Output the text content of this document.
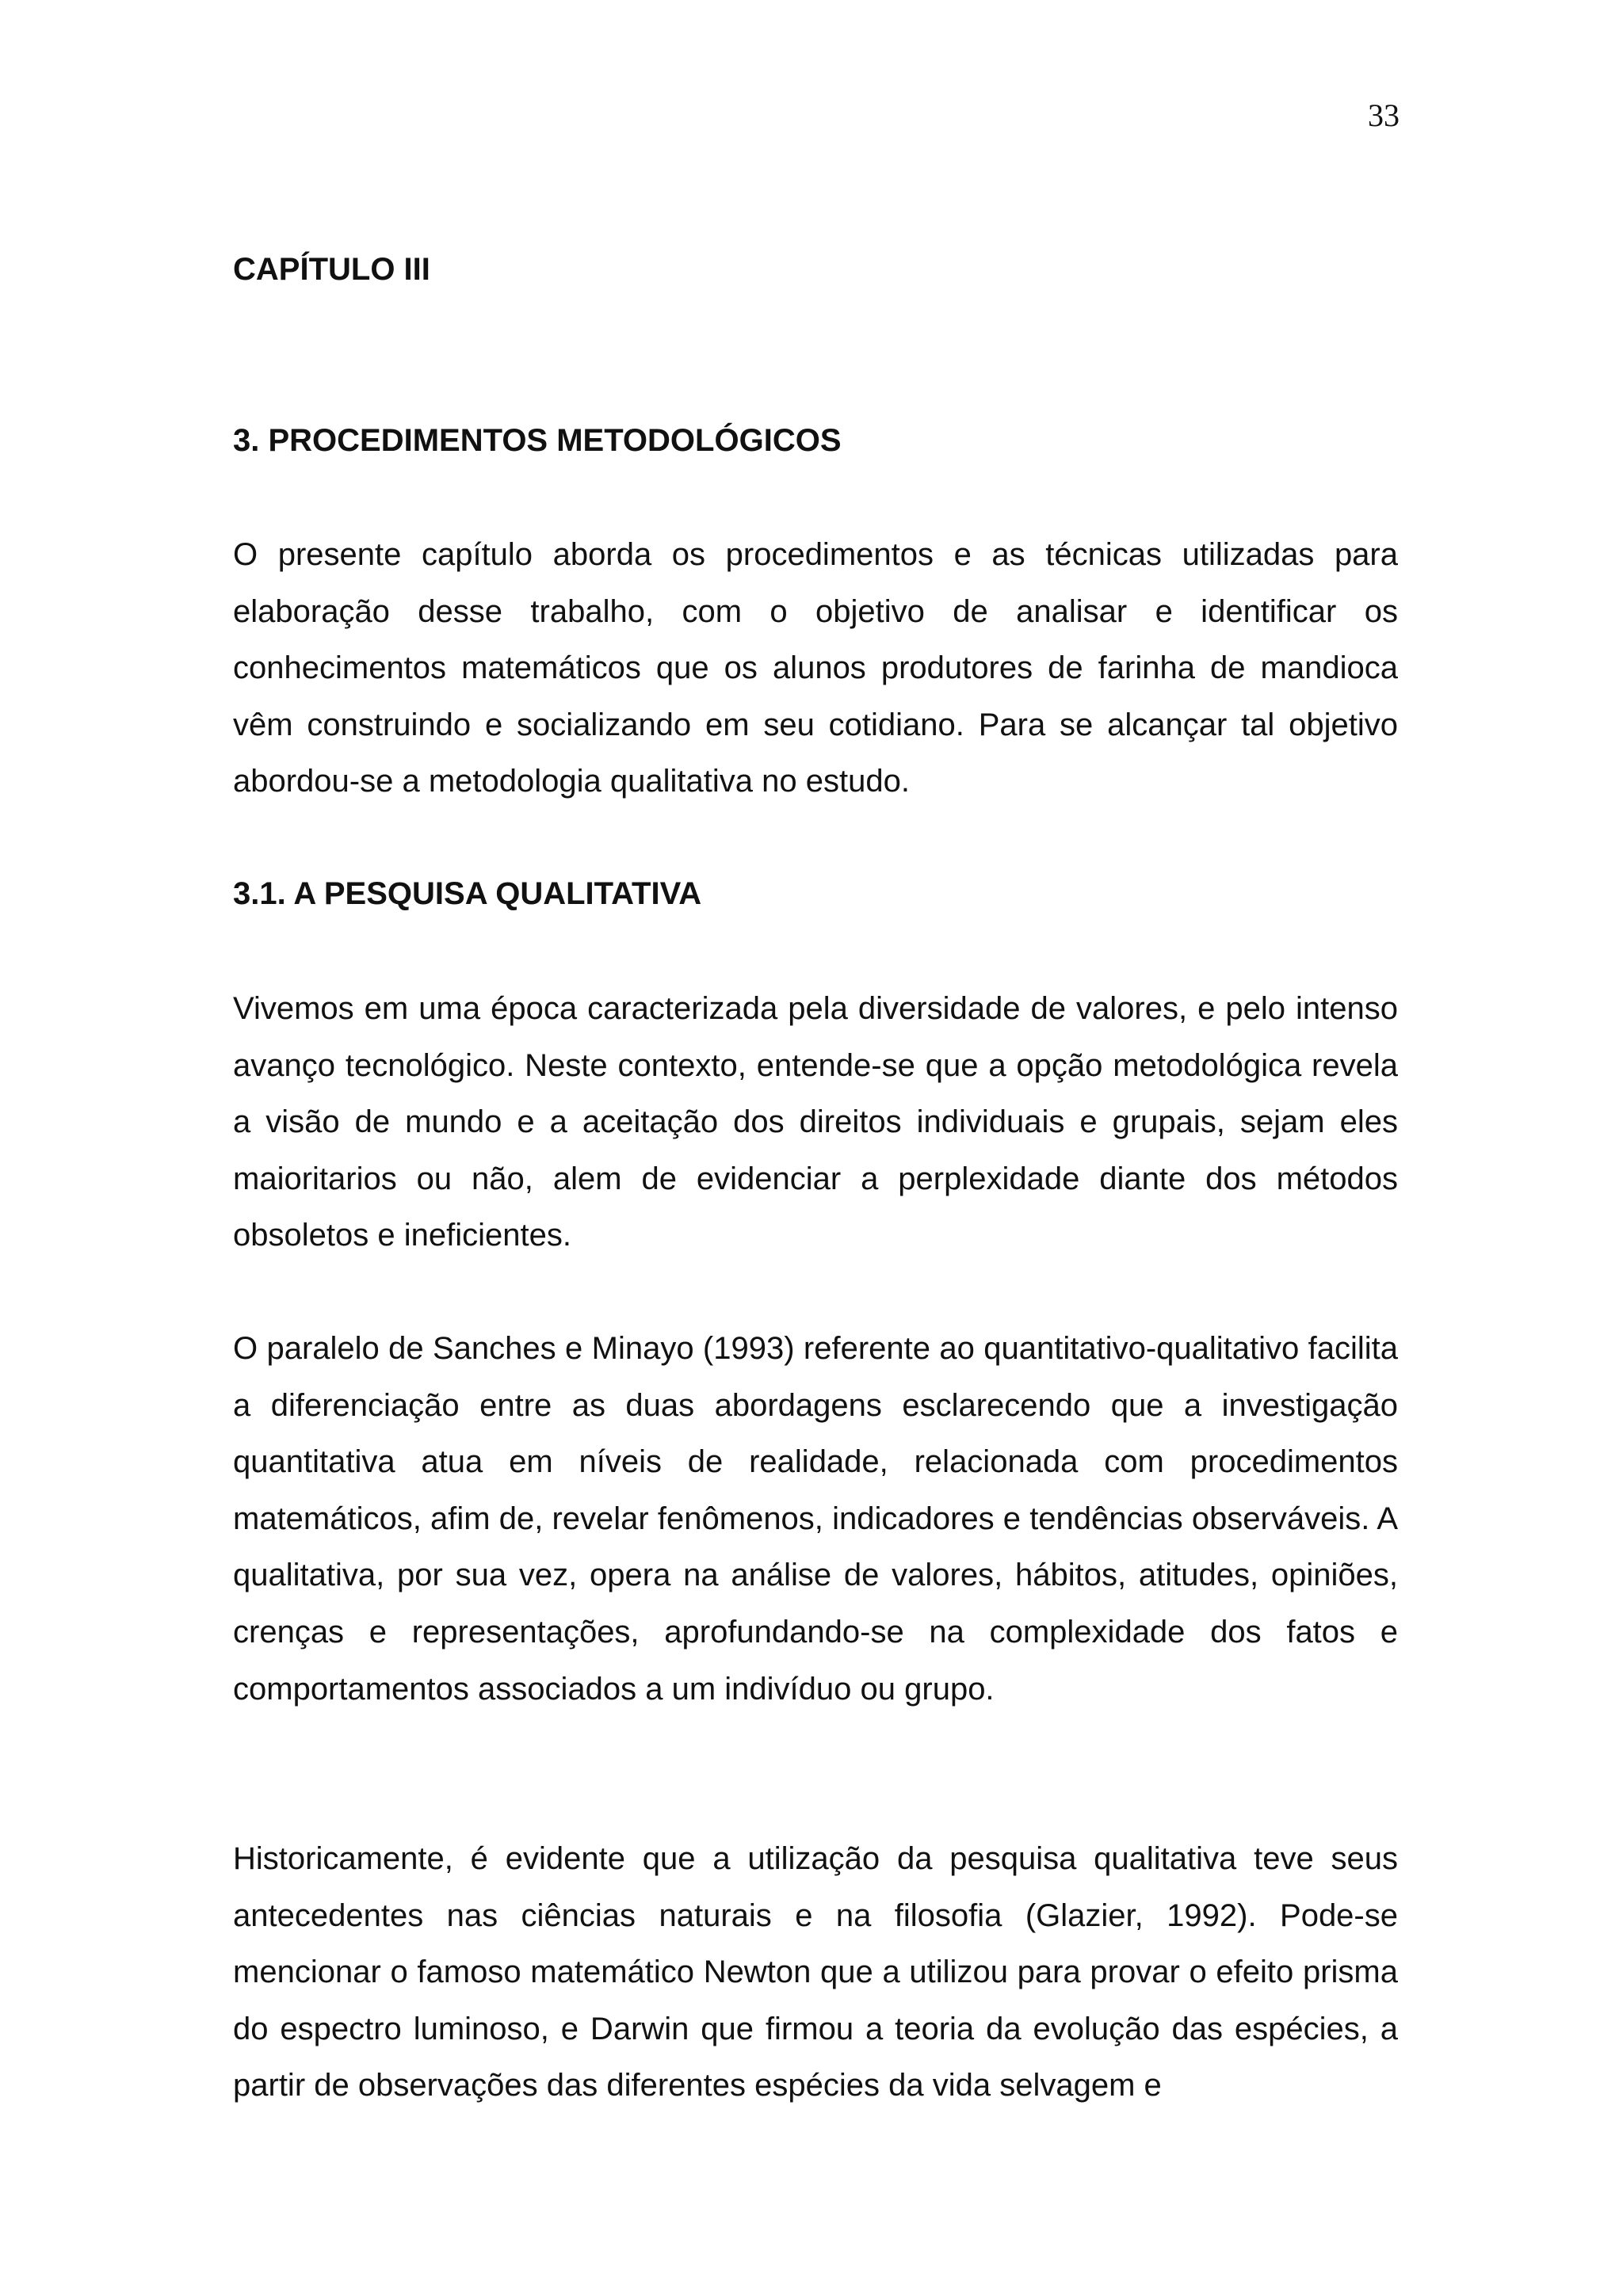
33
CAPÍTULO III
3. PROCEDIMENTOS METODOLÓGICOS

O presente capítulo aborda os procedimentos e as técnicas utilizadas para elaboração desse trabalho, com o objetivo de analisar e identificar os conhecimentos matemáticos que os alunos produtores de farinha de mandioca vêm construindo e socializando em seu cotidiano. Para se alcançar tal objetivo abordou-se a metodologia qualitativa no estudo.

3.1. A PESQUISA QUALITATIVA

Vivemos em uma época caracterizada pela diversidade de valores, e pelo intenso avanço tecnológico. Neste contexto, entende-se que a opção metodológica revela a visão de mundo e a aceitação dos direitos individuais e grupais, sejam eles maioritarios ou não, alem de evidenciar a perplexidade diante dos métodos obsoletos e ineficientes.

O paralelo de Sanches e Minayo (1993) referente ao quantitativo-qualitativo facilita a diferenciação entre as duas abordagens esclarecendo que a investigação quantitativa atua em níveis de realidade, relacionada com procedimentos matemáticos, afim de, revelar fenômenos, indicadores e tendências observáveis. A qualitativa, por sua vez, opera na análise de valores, hábitos, atitudes, opiniões, crenças e representações, aprofundando-se na complexidade dos fatos e comportamentos associados a um indivíduo ou grupo.

Historicamente, é evidente que a utilização da pesquisa qualitativa teve seus antecedentes nas ciências naturais e na filosofia (Glazier, 1992). Pode-se mencionar o famoso matemático Newton que a utilizou para provar o efeito prisma do espectro luminoso, e Darwin que firmou a teoria da evolução das espécies, a partir de observações das diferentes espécies da vida selvagem e
